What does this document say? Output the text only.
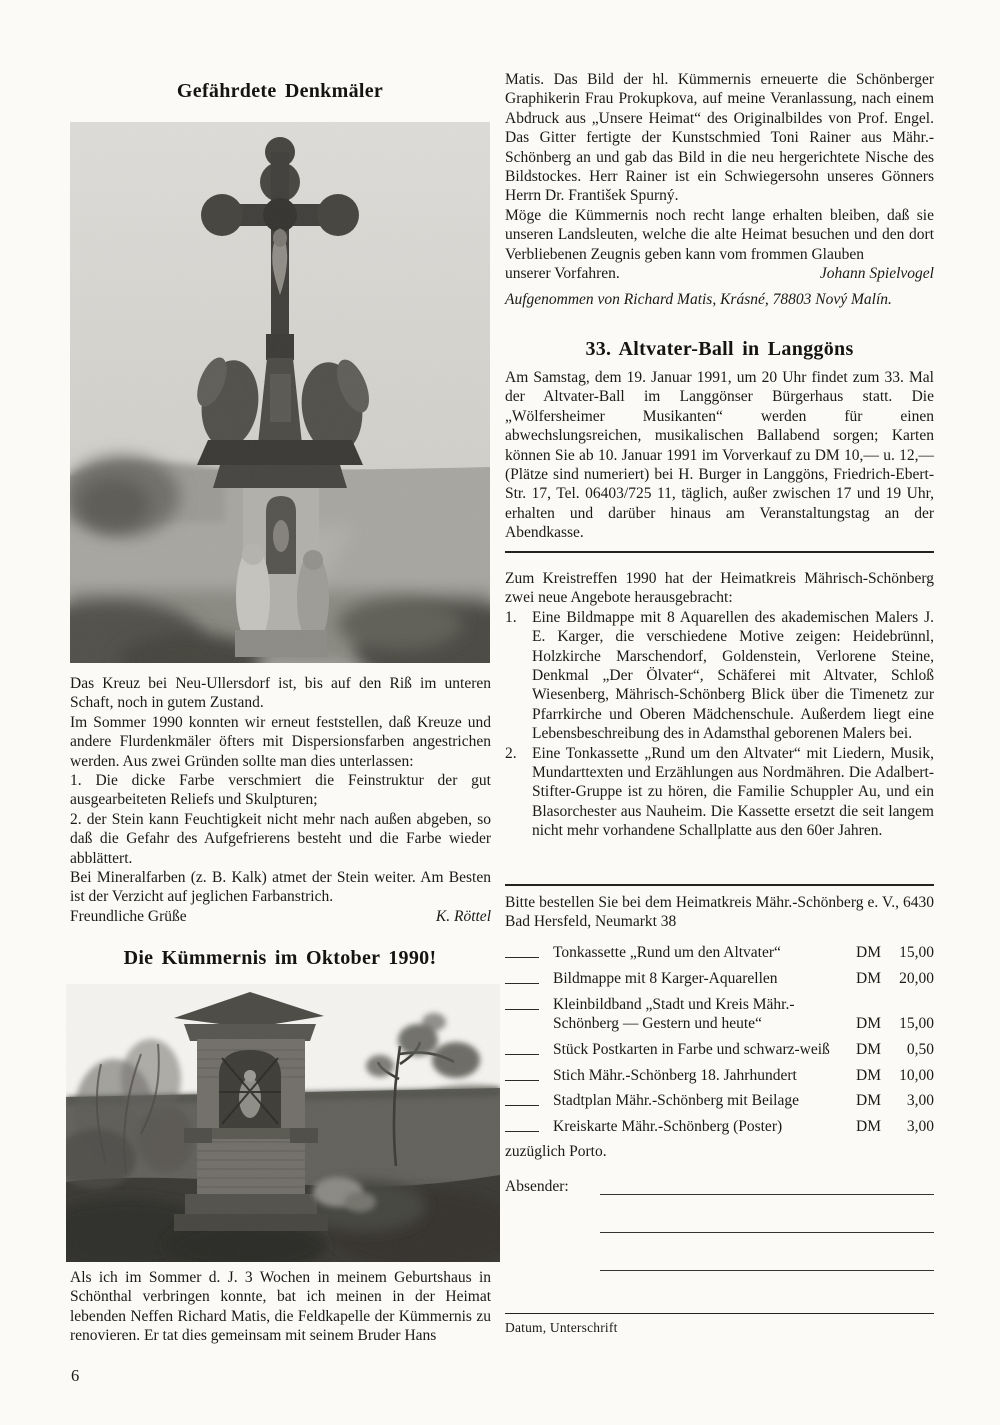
Gefährdete Denkmäler

Das Kreuz bei Neu-Ullersdorf ist, bis auf den Riß im unteren Schaft, noch in gutem Zustand.

Im Sommer 1990 konnten wir erneut feststellen, daß Kreuze und andere Flurdenkmäler öfters mit Dispersionsfarben angestrichen werden. Aus zwei Gründen sollte man dies unterlassen:

1. Die dicke Farbe verschmiert die Feinstruktur der gut ausgearbeiteten Reliefs und Skulpturen;

2. der Stein kann Feuchtigkeit nicht mehr nach außen abgeben, so daß die Gefahr des Aufgefrierens besteht und die Farbe wieder abblättert.

Bei Mineralfarben (z. B. Kalk) atmet der Stein weiter. Am Besten ist der Verzicht auf jeglichen Farbanstrich.

Freundliche Grüße	K. Röttel
Die Kümmernis im Oktober 1990!

Als ich im Sommer d. J. 3 Wochen in meinem Geburtshaus in Schönthal verbringen konnte, bat ich meinen in der Heimat lebenden Neffen Richard Matis, die Feldkapelle der Kümmernis zu renovieren. Er tat dies gemeinsam mit seinem Bruder Hans

6

Matis. Das Bild der hl. Kümmernis erneuerte die Schönberger Graphikerin Frau Prokupkova, auf meine Veranlassung, nach einem Abdruck aus „Unsere Heimat“ des Originalbildes von Prof. Engel. Das Gitter fertigte der Kunstschmied Toni Rainer aus Mähr.-Schönberg an und gab das Bild in die neu hergerichtete Nische des Bildstockes. Herr Rainer ist ein Schwiegersohn unseres Gönners Herrn Dr. František Spurný.

Möge die Kümmernis noch recht lange erhalten bleiben, daß sie unseren Landsleuten, welche die alte Heimat besuchen und den dort Verbliebenen Zeugnis geben kann vom frommen Glauben

unserer Vorfahren.	Johann Spielvogel
Aufgenommen von Richard Matis, Krásné, 78803 Nový Malín.
33. Altvater-Ball in Langgöns

Am Samstag, dem 19. Januar 1991, um 20 Uhr findet zum 33. Mal der Altvater-Ball im Langgönser Bürgerhaus statt. Die „Wölfersheimer Musikanten“ werden für einen abwechslungsreichen, musikalischen Ballabend sorgen; Karten können Sie ab 10. Januar 1991 im Vorverkauf zu DM 10,— u. 12,— (Plätze sind numeriert) bei H. Burger in Langgöns, Friedrich-Ebert-Str. 17, Tel. 06403/725 11, täglich, außer zwischen 17 und 19 Uhr, erhalten und darüber hinaus am Veranstaltungstag an der Abendkasse.

Zum Kreistreffen 1990 hat der Heimatkreis Mährisch-Schönberg zwei neue Angebote herausgebracht:

1. Eine Bildmappe mit 8 Aquarellen des akademischen Malers J. E. Karger, die verschiedene Motive zeigen: Heidebrünnl, Holzkirche Marschendorf, Goldenstein, Verlorene Steine, Denkmal „Der Ölvater“, Schäferei mit Altvater, Schloß Wiesenberg, Mährisch-Schönberg Blick über die Timenetz zur Pfarrkirche und Oberen Mädchenschule. Außerdem liegt eine Lebensbeschreibung des in Adamsthal geborenen Malers bei.
2. Eine Tonkassette „Rund um den Altvater“ mit Liedern, Musik, Mundarttexten und Erzählungen aus Nordmähren. Die Adalbert-Stifter-Gruppe ist zu hören, die Familie Schuppler Au, und ein Blasorchester aus Nauheim. Die Kassette ersetzt die seit langem nicht mehr vorhandene Schallplatte aus den 60er Jahren.

Bitte bestellen Sie bei dem Heimatkreis Mähr.-Schönberg e. V., 6430 Bad Hersfeld, Neumarkt 38

Tonkassette „Rund um den Altvater“	DM	15,00
Bildmappe mit 8 Karger-Aquarellen	DM	20,00
Kleinbildband „Stadt und Kreis Mähr.-Schönberg — Gestern und heute“	DM	15,00
Stück Postkarten in Farbe und schwarz-weiß	DM	0,50
Stich Mähr.-Schönberg 18. Jahrhundert	DM	10,00
Stadtplan Mähr.-Schönberg mit Beilage	DM	3,00
Kreiskarte Mähr.-Schönberg (Poster)	DM	3,00
zuzüglich Porto.
Absender:
Datum, Unterschrift
